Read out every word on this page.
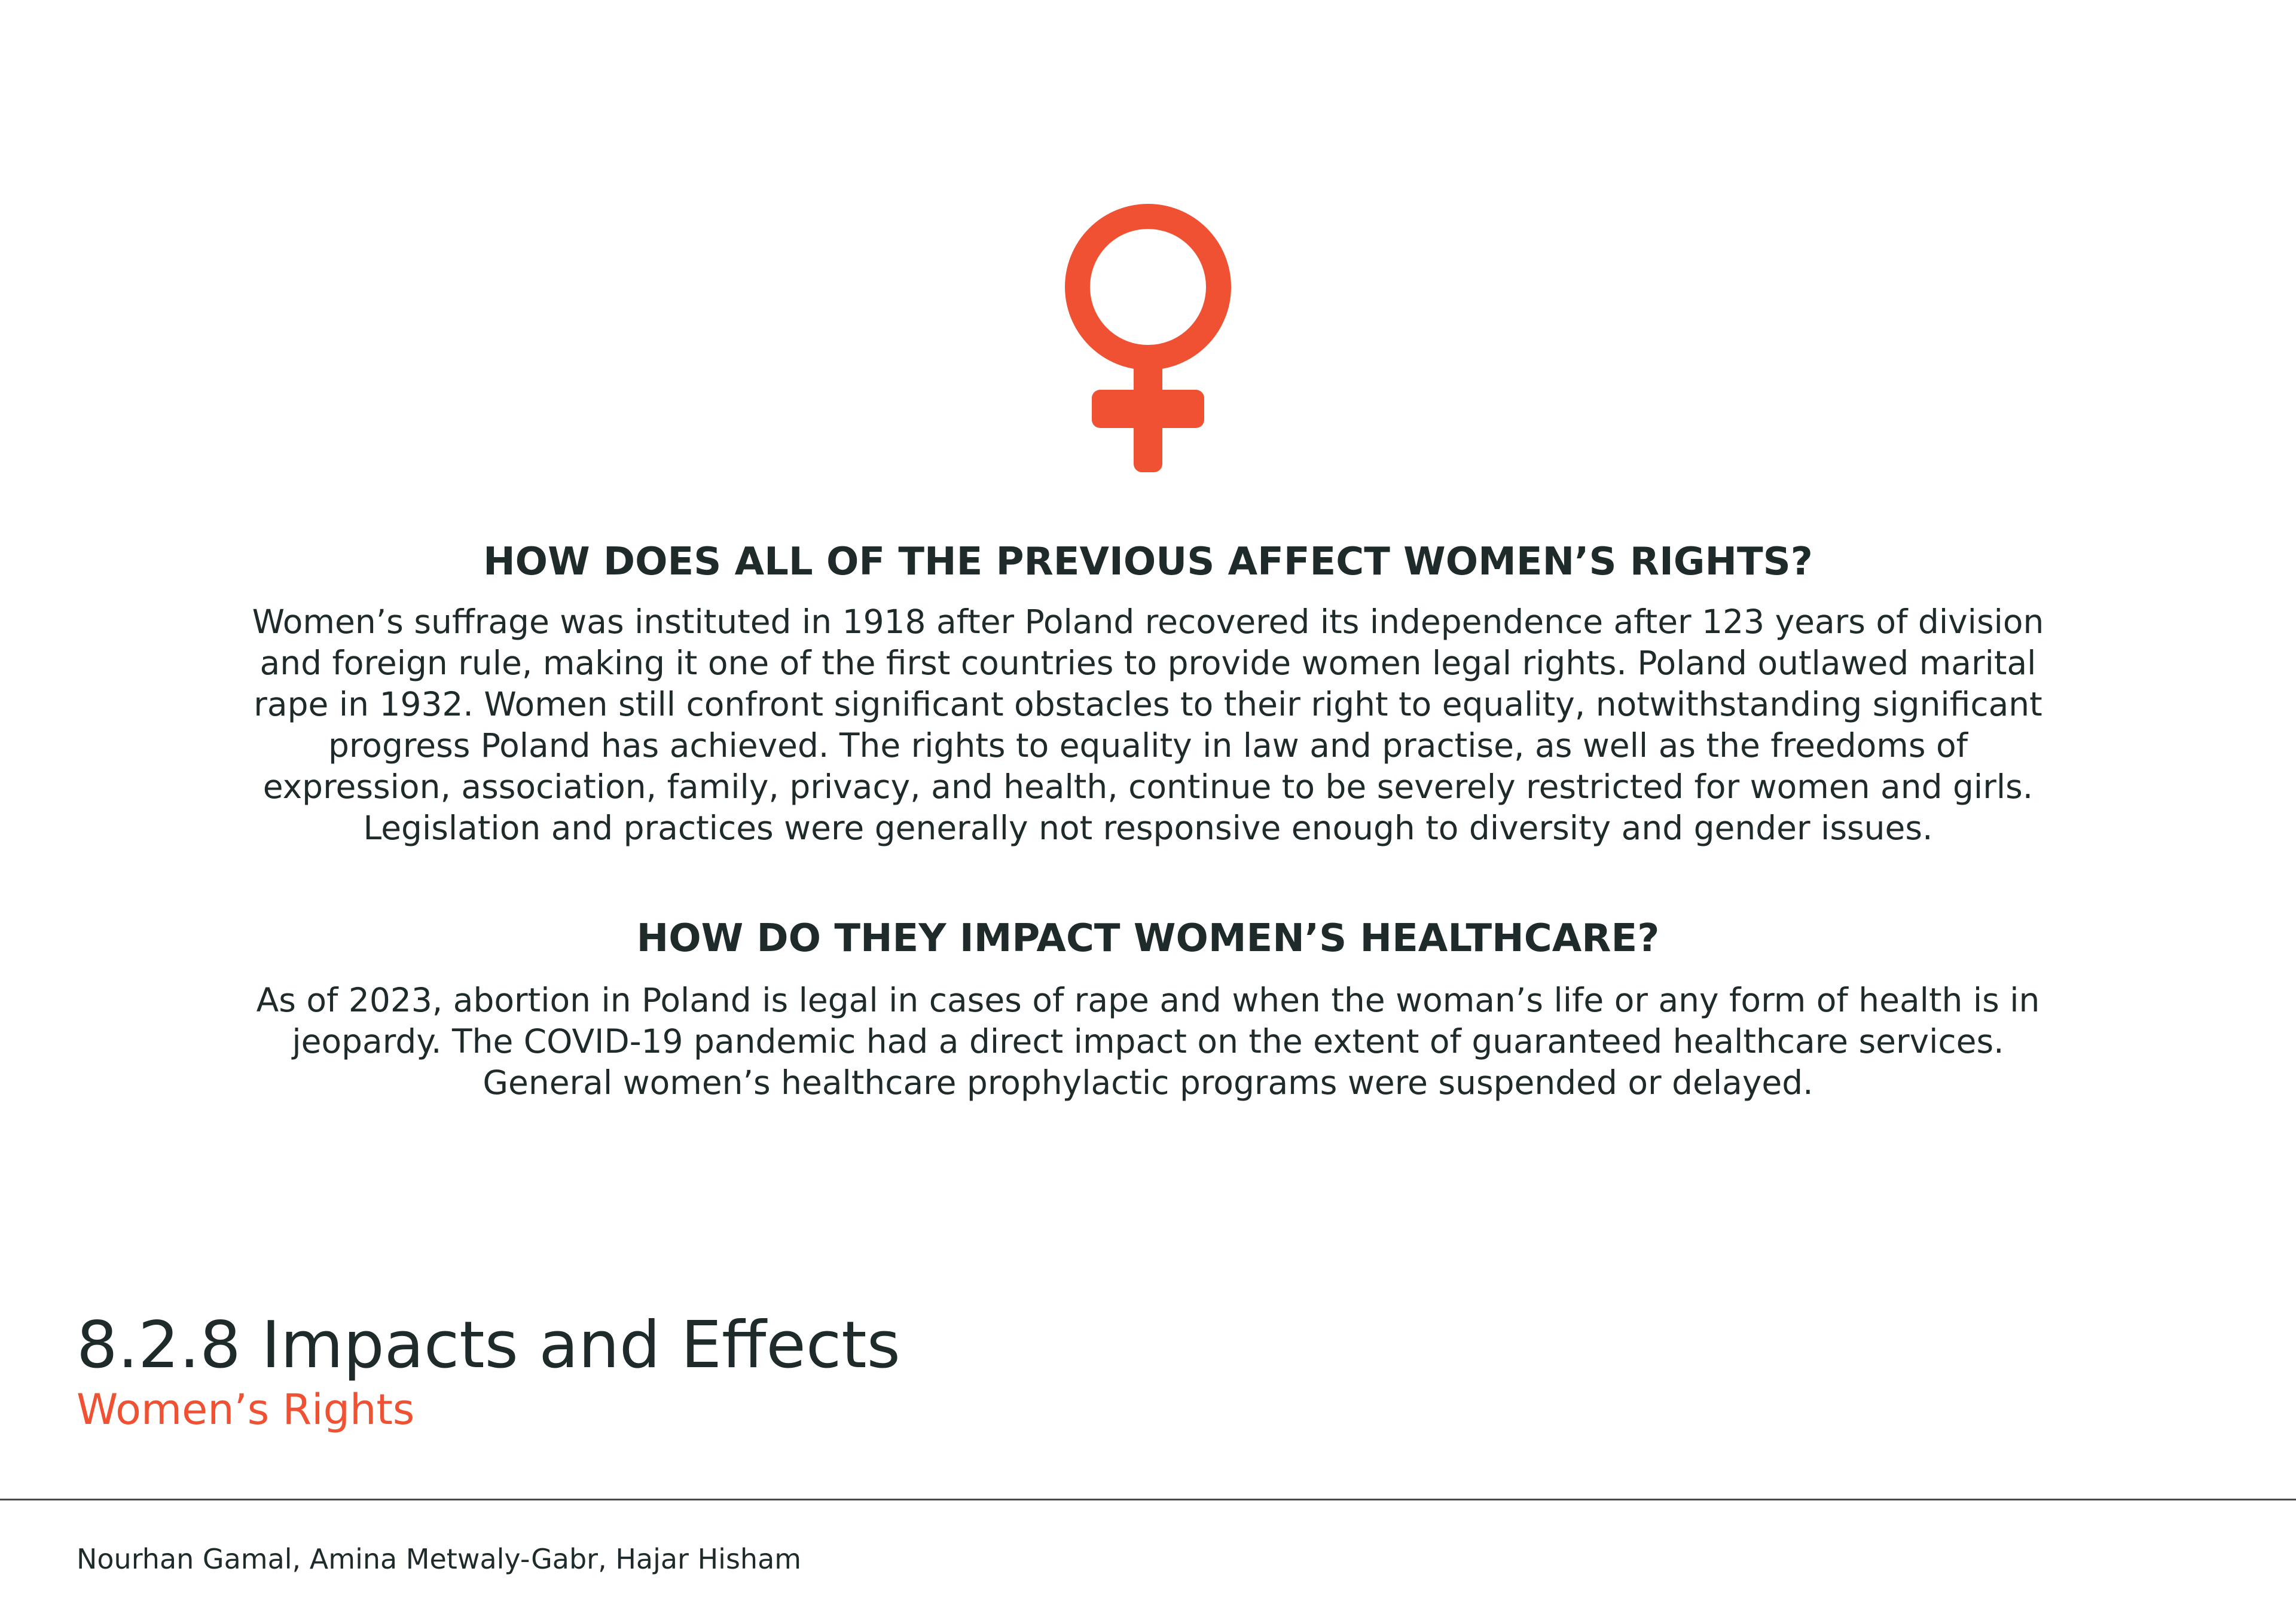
HOW DOES ALL OF THE PREVIOUS AFFECT WOMEN’S RIGHTS?
Women’s suffrage was instituted in 1918 after Poland recovered its independence after 123 years of division
and foreign rule, making it one of the first countries to provide women legal rights. Poland outlawed marital
rape in 1932. Women still confront significant obstacles to their right to equality, notwithstanding significant
progress Poland has achieved. The rights to equality in law and practise, as well as the freedoms of
expression, association, family, privacy, and health, continue to be severely restricted for women and girls.
Legislation and practices were generally not responsive enough to diversity and gender issues.
HOW DO THEY IMPACT WOMEN’S HEALTHCARE?
As of 2023, abortion in Poland is legal in cases of rape and when the woman’s life or any form of health is in
jeopardy. The COVID-19 pandemic had a direct impact on the extent of guaranteed healthcare services.
General women’s healthcare prophylactic programs were suspended or delayed.
8.2.8 Impacts and Effects
Women’s Rights
Nourhan Gamal, Amina Metwaly-Gabr, Hajar Hisham
